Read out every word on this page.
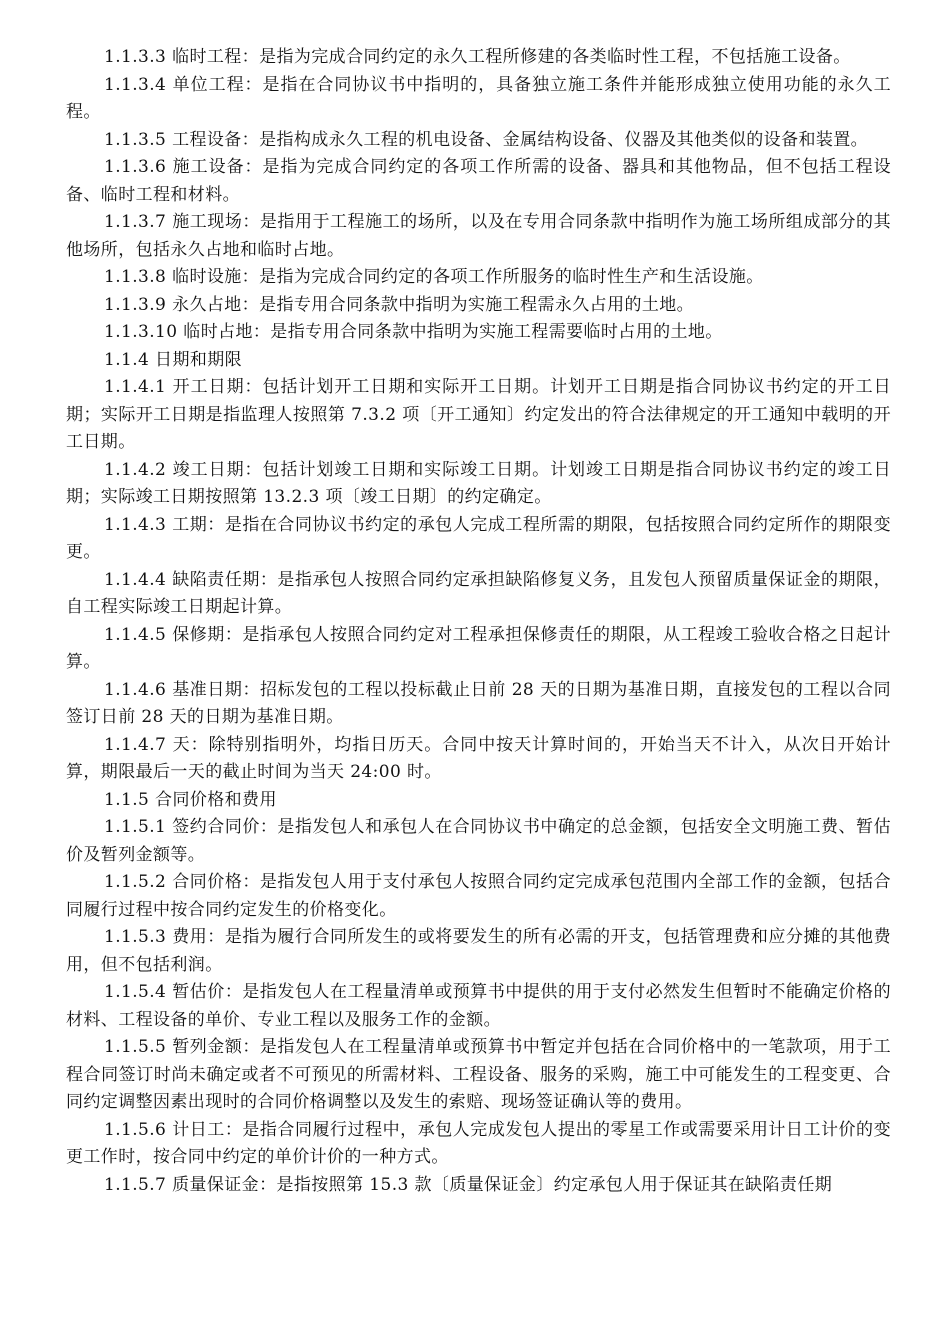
1.1.3.3 临时工程：是指为完成合同约定的永久工程所修建的各类临时性工程，不包括施工设备。

1.1.3.4 单位工程：是指在合同协议书中指明的，具备独立施工条件并能形成独立使用功能的永久工程。

1.1.3.5 工程设备：是指构成永久工程的机电设备、金属结构设备、仪器及其他类似的设备和装置。

1.1.3.6 施工设备：是指为完成合同约定的各项工作所需的设备、器具和其他物品，但不包括工程设备、临时工程和材料。

1.1.3.7 施工现场：是指用于工程施工的场所，以及在专用合同条款中指明作为施工场所组成部分的其他场所，包括永久占地和临时占地。

1.1.3.8 临时设施：是指为完成合同约定的各项工作所服务的临时性生产和生活设施。

1.1.3.9 永久占地：是指专用合同条款中指明为实施工程需永久占用的土地。

1.1.3.10 临时占地：是指专用合同条款中指明为实施工程需要临时占用的土地。

1.1.4 日期和期限

1.1.4.1 开工日期：包括计划开工日期和实际开工日期。计划开工日期是指合同协议书约定的开工日期；实际开工日期是指监理人按照第 7.3.2 项〔开工通知〕约定发出的符合法律规定的开工通知中载明的开工日期。

1.1.4.2 竣工日期：包括计划竣工日期和实际竣工日期。计划竣工日期是指合同协议书约定的竣工日期；实际竣工日期按照第 13.2.3 项〔竣工日期〕的约定确定。

1.1.4.3 工期：是指在合同协议书约定的承包人完成工程所需的期限，包括按照合同约定所作的期限变更。

1.1.4.4 缺陷责任期：是指承包人按照合同约定承担缺陷修复义务，且发包人预留质量保证金的期限，自工程实际竣工日期起计算。

1.1.4.5 保修期：是指承包人按照合同约定对工程承担保修责任的期限，从工程竣工验收合格之日起计算。

1.1.4.6 基准日期：招标发包的工程以投标截止日前 28 天的日期为基准日期，直接发包的工程以合同签订日前 28 天的日期为基准日期。

1.1.4.7 天：除特别指明外，均指日历天。合同中按天计算时间的，开始当天不计入，从次日开始计算，期限最后一天的截止时间为当天 24:00 时。

1.1.5 合同价格和费用

1.1.5.1 签约合同价：是指发包人和承包人在合同协议书中确定的总金额，包括安全文明施工费、暂估价及暂列金额等。

1.1.5.2 合同价格：是指发包人用于支付承包人按照合同约定完成承包范围内全部工作的金额，包括合同履行过程中按合同约定发生的价格变化。

1.1.5.3 费用：是指为履行合同所发生的或将要发生的所有必需的开支，包括管理费和应分摊的其他费用，但不包括利润。

1.1.5.4 暂估价：是指发包人在工程量清单或预算书中提供的用于支付必然发生但暂时不能确定价格的材料、工程设备的单价、专业工程以及服务工作的金额。

1.1.5.5 暂列金额：是指发包人在工程量清单或预算书中暂定并包括在合同价格中的一笔款项，用于工程合同签订时尚未确定或者不可预见的所需材料、工程设备、服务的采购，施工中可能发生的工程变更、合同约定调整因素出现时的合同价格调整以及发生的索赔、现场签证确认等的费用。

1.1.5.6 计日工：是指合同履行过程中，承包人完成发包人提出的零星工作或需要采用计日工计价的变更工作时，按合同中约定的单价计价的一种方式。

1.1.5.7 质量保证金：是指按照第 15.3 款〔质量保证金〕约定承包人用于保证其在缺陷责任期
